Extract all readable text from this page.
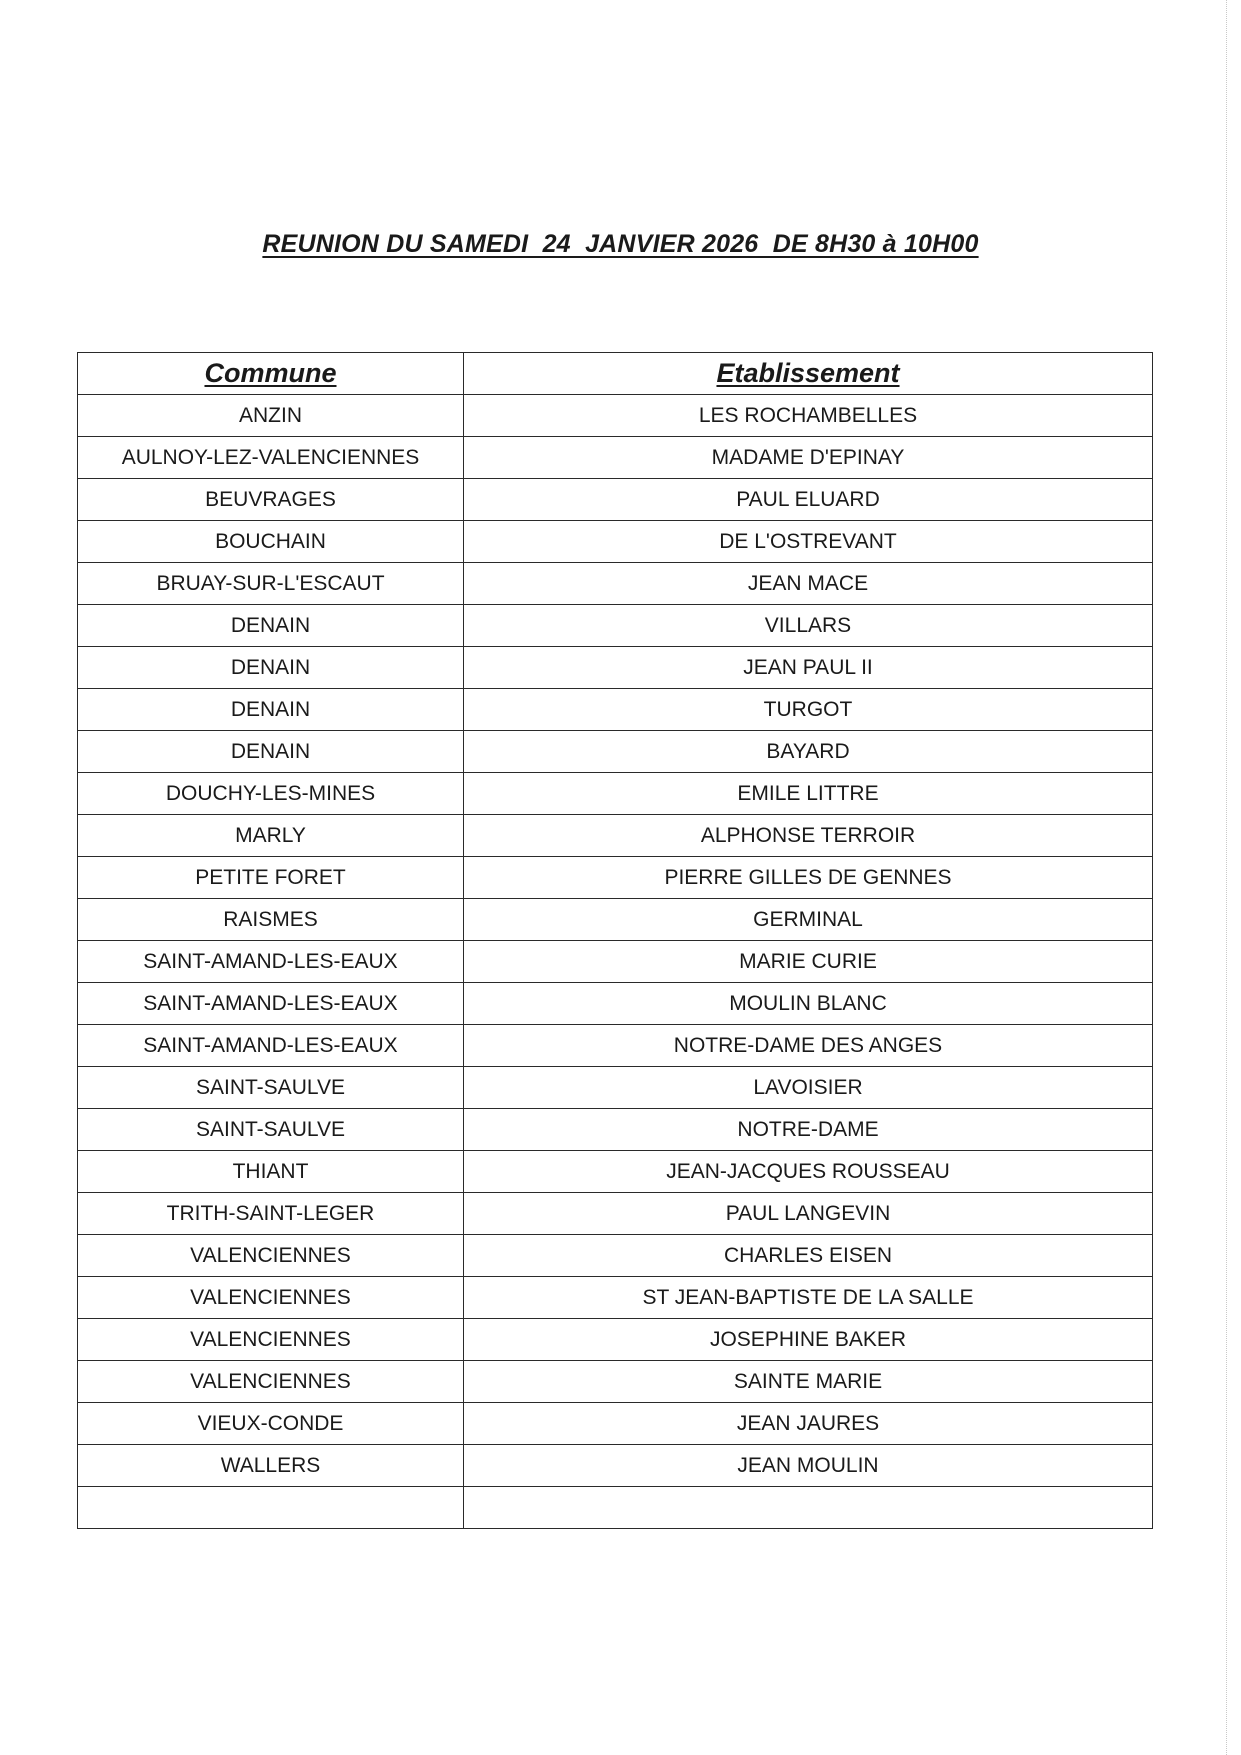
REUNION DU SAMEDI  24  JANVIER 2026  DE 8H30 à 10H00
Commune	Etablissement
ANZIN	LES ROCHAMBELLES
AULNOY-LEZ-VALENCIENNES	MADAME D'EPINAY
BEUVRAGES	PAUL ELUARD
BOUCHAIN	DE L'OSTREVANT
BRUAY-SUR-L'ESCAUT	JEAN MACE
DENAIN	VILLARS
DENAIN	JEAN PAUL II
DENAIN	TURGOT
DENAIN	BAYARD
DOUCHY-LES-MINES	EMILE LITTRE
MARLY	ALPHONSE TERROIR
PETITE FORET	PIERRE GILLES DE GENNES
RAISMES	GERMINAL
SAINT-AMAND-LES-EAUX	MARIE CURIE
SAINT-AMAND-LES-EAUX	MOULIN BLANC
SAINT-AMAND-LES-EAUX	NOTRE-DAME DES ANGES
SAINT-SAULVE	LAVOISIER
SAINT-SAULVE	NOTRE-DAME
THIANT	JEAN-JACQUES ROUSSEAU
TRITH-SAINT-LEGER	PAUL LANGEVIN
VALENCIENNES	CHARLES EISEN
VALENCIENNES	ST JEAN-BAPTISTE DE LA SALLE
VALENCIENNES	JOSEPHINE BAKER
VALENCIENNES	SAINTE MARIE
VIEUX-CONDE	JEAN JAURES
WALLERS	JEAN MOULIN
